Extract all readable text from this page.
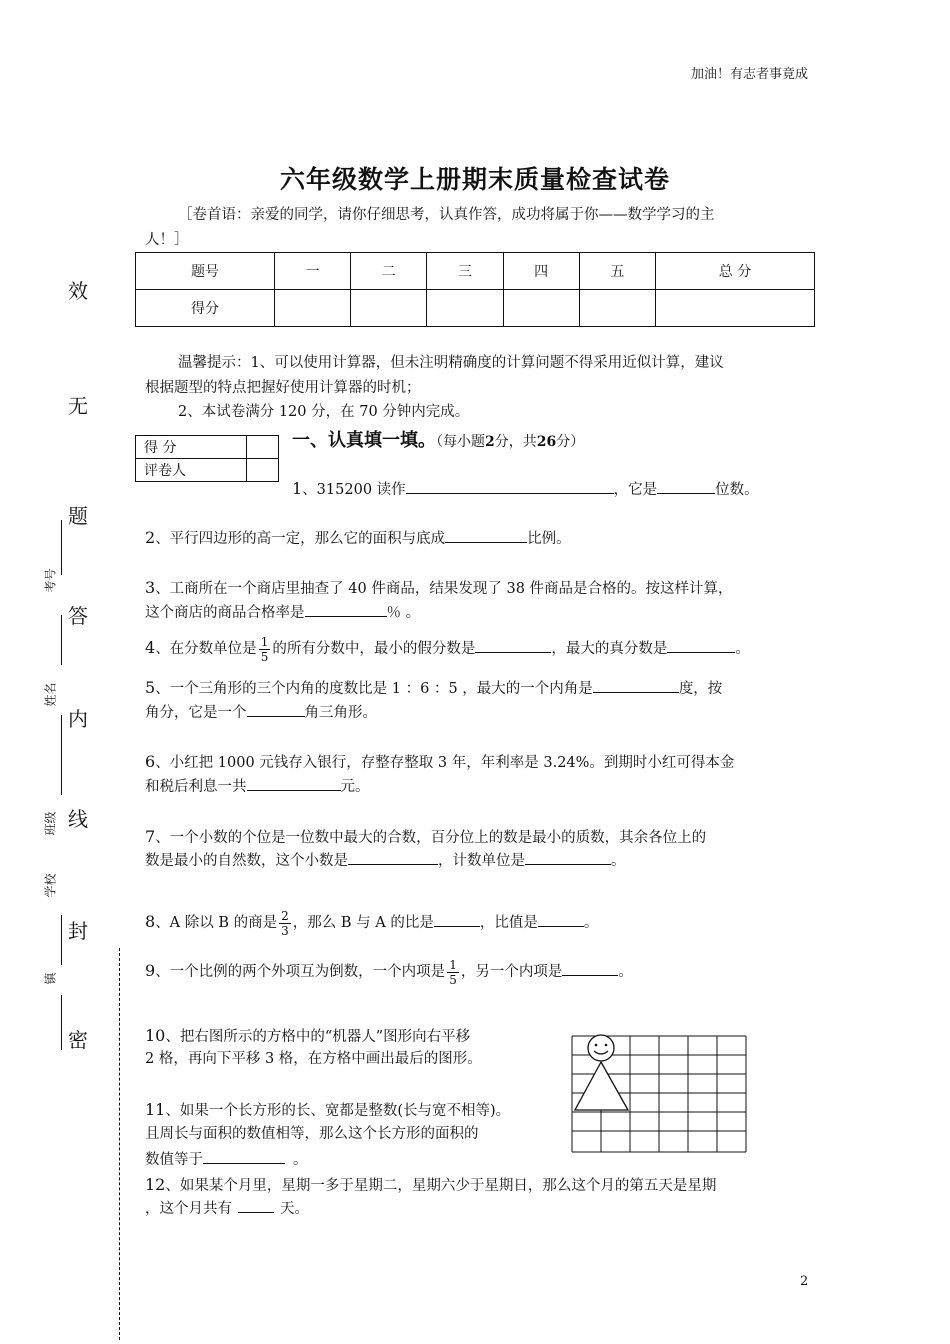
加油！有志者事竟成
六年级数学上册期末质量检查试卷
［卷首语：亲爱的同学，请你仔细思考，认真作答，成功将属于你——数学学习的主
人！］
题号	一	二	三	四	五	总 分
得分						
温馨提示：1、可以使用计算器，但未注明精确度的计算问题不得采用近似计算，建议
根据题型的特点把握好使用计算器的时机；
2、本试卷满分 120 分，在 70 分钟内完成。
得 分	
评卷人	
一、认真填一填。（每小题2分，共26分）
1、315200 读作	，它是	位数。
2、平行四边形的高一定，那么它的面积与底成	比例。
3、工商所在一个商店里抽查了 40 件商品，结果发现了 38 件商品是合格的。按这样计算，
这个商店的商品合格率是	％ 。
4、在分数单位是 $\frac{1}{5}$ 的所有分数中，最小的假分数是	，最大的真分数是	。
5、一个三角形的三个内角的度数比是 1 ：6 ：5 ，最大的一个内角是	度，按
角分，它是一个	角三角形。
6、小红把 1000 元钱存入银行，存整存整取 3 年，年利率是 3.24%。到期时小红可得本金
和税后利息一共	元。
7、一个小数的个位是一位数中最大的合数，百分位上的数是最小的质数，其余各位上的
数是最小的自然数，这个小数是	，计数单位是	。
8、A 除以 B 的商是 $\frac{2}{3}$ ，那么 B 与 A 的比是	，比值是	。
9、一个比例的两个外项互为倒数，一个内项是 $\frac{1}{5}$ ，另一个内项是	。
10、把右图所示的方格中的“机器人”图形向右平移
2 格，再向下平移 3 格，在方格中画出最后的图形。
11、如果一个长方形的长、宽都是整数(长与宽不相等)。
且周长与面积的数值相等，那么这个长方形的面积的
数值等于	。
12、如果某个月里，星期一多于星期二，星期六少于星期日，那么这个月的第五天是星期
，这个月共有	天。
效
无
题
答
内
线
封
密
考号
姓名
班级
学校
镇
2
